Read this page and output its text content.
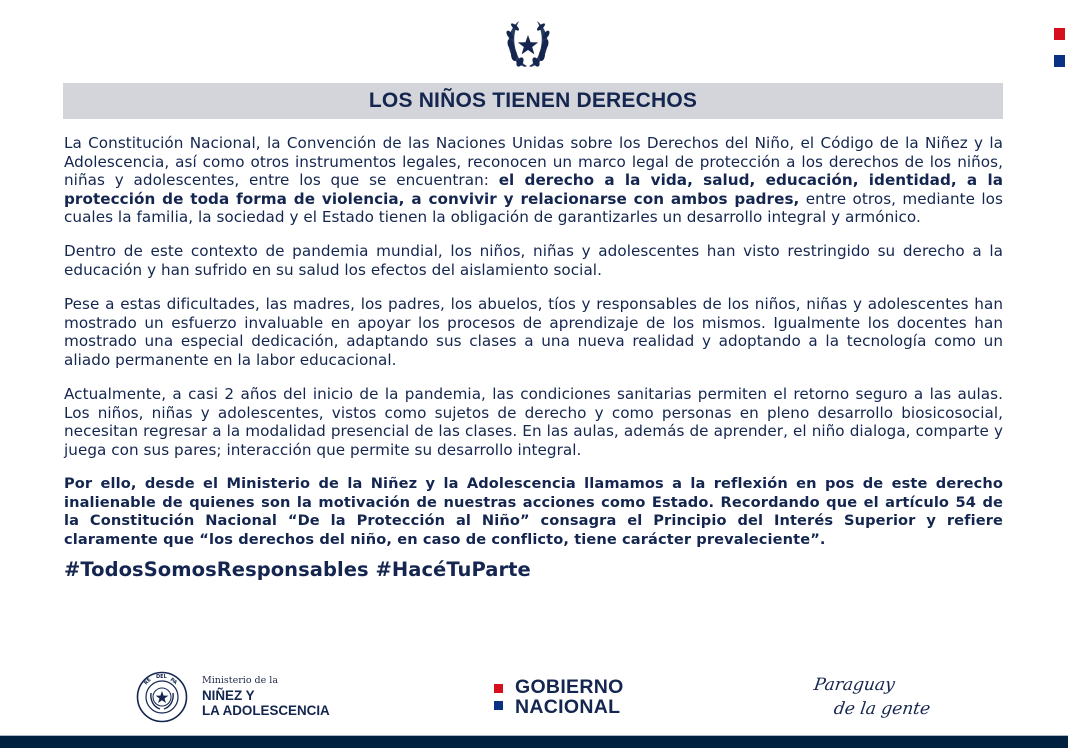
LOS NIÑOS TIENEN DERECHOS

La Constitución Nacional, la Convención de las Naciones Unidas sobre los Derechos del Niño, el Código de la Niñez y la Adolescencia, así como otros instrumentos legales, reconocen un marco legal de protección a los derechos de los niños, niñas y adolescentes, entre los que se encuentran: el derecho a la vida, salud, educación, identidad, a la protección de toda forma de violencia, a convivir y relacionarse con ambos padres, entre otros, mediante los cuales la familia, la sociedad y el Estado tienen la obligación de garantizarles un desarrollo integral y armónico.

Dentro de este contexto de pandemia mundial, los niños, niñas y adolescentes han visto restringido su derecho a la educación y han sufrido en su salud los efectos del aislamiento social.

Pese a estas dificultades, las madres, los padres, los abuelos, tíos y responsables de los niños, niñas y adolescentes han mostrado un esfuerzo invaluable en apoyar los procesos de aprendizaje de los mismos. Igualmente los docentes han mostrado una especial dedicación, adaptando sus clases a una nueva realidad y adoptando a la tecnología como un aliado permanente en la labor educacional.

Actualmente, a casi 2 años del inicio de la pandemia, las condiciones sanitarias permiten el retorno seguro a las aulas. Los niños, niñas y adolescentes, vistos como sujetos de derecho y como personas en pleno desarrollo biosicosocial, necesitan regresar a la modalidad presencial de las clases. En las aulas, además de aprender, el niño dialoga, comparte y juega con sus pares; interacción que permite su desarrollo integral.

Por ello, desde el Ministerio de la Niñez y la Adolescencia llamamos a la reflexión en pos de este derecho inalienable de quienes son la motivación de nuestras acciones como Estado. Recordando que el artículo 54 de la Constitución Nacional “De la Protección al Niño” consagra el Principio del Interés Superior y refiere claramente que “los derechos del niño, en caso de conflicto, tiene carácter prevaleciente”.

#TodosSomosResponsables #HacéTuParte

RE
DEL PA	Ministerio de la
NIÑEZ Y
LA ADOLESCENCIA
GOBIERNO
NACIONAL
Paraguay
de la gente
